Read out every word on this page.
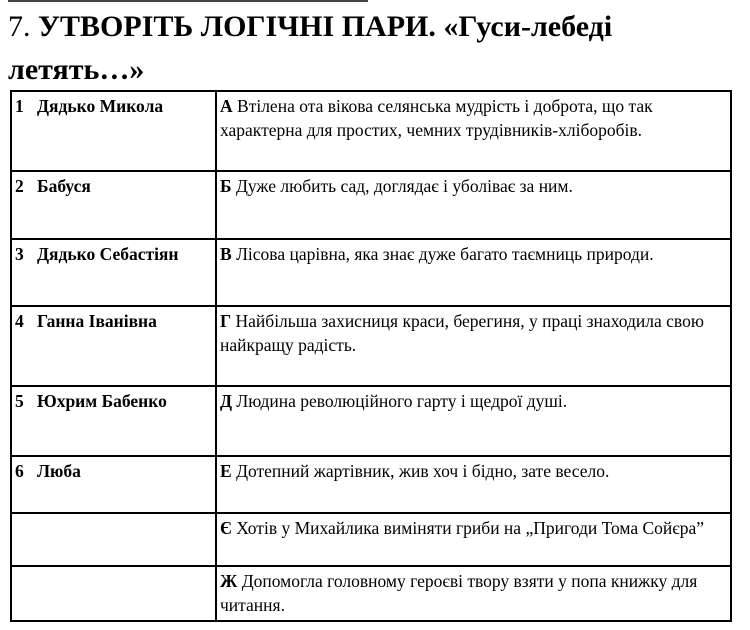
7. УТВОРІТЬ ЛОГІЧНІ ПАРИ. «Гуси-лебеді
летять…»
1 Дядько Микола	А Втілена ота вікова селянська мудрість і доброта, що так характерна для простих, чемних трудівників-хліборобів.
2 Бабуся	Б Дуже любить сад, доглядає і уболіває за ним.
3 Дядько Себастіян	В Лісова царівна, яка знає дуже багато таємниць природи.
4 Ганна Іванівна	Г Найбільша захисниця краси, берегиня, у праці знаходила свою найкращу радість.
5 Юхрим Бабенко	Д Людина революційного гарту і щедрої душі.
6 Люба	Е Дотепний жартівник, жив хоч і бідно, зате весело.
	Є Хотів у Михайлика виміняти гриби на „Пригоди Тома Сойєра”
	Ж Допомогла головному героєві твору взяти у попа книжку для читання.
